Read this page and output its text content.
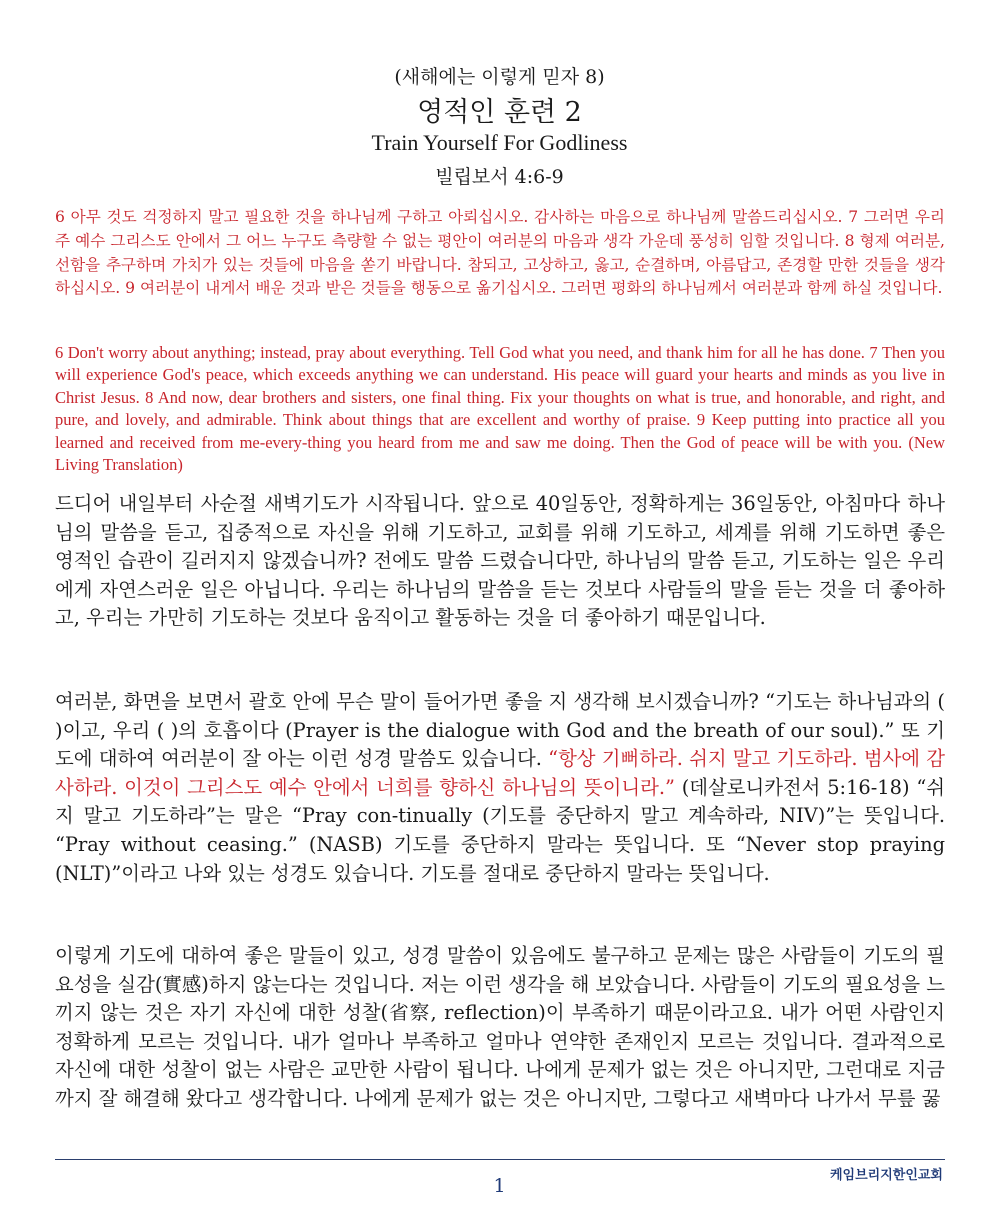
(새해에는 이렇게 믿자 8)
영적인 훈련 2
Train Yourself For Godliness
빌립보서 4:6-9
6 아무 것도 걱정하지 말고 필요한 것을 하나님께 구하고 아뢰십시오. 감사하는 마음으로 하나님께 말씀드리십시오. 7 그러면 우리 주 예수 그리스도 안에서 그 어느 누구도 측량할 수 없는 평안이 여러분의 마음과 생각 가운데 풍성히 임할 것입니다. 8 형제 여러분, 선함을 추구하며 가치가 있는 것들에 마음을 쏟기 바랍니다. 참되고, 고상하고, 옳고, 순결하며, 아름답고, 존경할 만한 것들을 생각하십시오. 9 여러분이 내게서 배운 것과 받은 것들을 행동으로 옮기십시오. 그러면 평화의 하나님께서 여러분과 함께 하실 것입니다.
6 Don't worry about anything; instead, pray about everything. Tell God what you need, and thank him for all he has done. 7 Then you will experience God's peace, which exceeds anything we can understand. His peace will guard your hearts and minds as you live in Christ Jesus. 8 And now, dear brothers and sisters, one final thing. Fix your thoughts on what is true, and honorable, and right, and pure, and lovely, and admirable. Think about things that are excellent and worthy of praise. 9 Keep putting into practice all you learned and received from me-every-thing you heard from me and saw me doing. Then the God of peace will be with you. (New Living Translation)
드디어 내일부터 사순절 새벽기도가 시작됩니다. 앞으로 40일동안, 정확하게는 36일동안, 아침마다 하나님의 말씀을 듣고, 집중적으로 자신을 위해 기도하고, 교회를 위해 기도하고, 세계를 위해 기도하면 좋은 영적인 습관이 길러지지 않겠습니까? 전에도 말씀 드렸습니다만, 하나님의 말씀 듣고, 기도하는 일은 우리에게 자연스러운 일은 아닙니다. 우리는 하나님의 말씀을 듣는 것보다 사람들의 말을 듣는 것을 더 좋아하고, 우리는 가만히 기도하는 것보다 움직이고 활동하는 것을 더 좋아하기 때문입니다.
여러분, 화면을 보면서 괄호 안에 무슨 말이 들어가면 좋을 지 생각해 보시겠습니까? “기도는 하나님과의 ( )이고, 우리 ( )의 호흡이다 (Prayer is the dialogue with God and the breath of our soul).” 또 기도에 대하여 여러분이 잘 아는 이런 성경 말씀도 있습니다. “항상 기뻐하라. 쉬지 말고 기도하라. 범사에 감사하라. 이것이 그리스도 예수 안에서 너희를 향하신 하나님의 뜻이니라.” (데살로니카전서 5:16-18) “쉬지 말고 기도하라”는 말은 “Pray con-tinually (기도를 중단하지 말고 계속하라, NIV)”는 뜻입니다. “Pray without ceasing.” (NASB) 기도를 중단하지 말라는 뜻입니다. 또 “Never stop praying (NLT)”이라고 나와 있는 성경도 있습니다. 기도를 절대로 중단하지 말라는 뜻입니다.
이렇게 기도에 대하여 좋은 말들이 있고, 성경 말씀이 있음에도 불구하고 문제는 많은 사람들이 기도의 필요성을 실감(實感)하지 않는다는 것입니다. 저는 이런 생각을 해 보았습니다. 사람들이 기도의 필요성을 느끼지 않는 것은 자기 자신에 대한 성찰(省察, reflection)이 부족하기 때문이라고요. 내가 어떤 사람인지 정확하게 모르는 것입니다. 내가 얼마나 부족하고 얼마나 연약한 존재인지 모르는 것입니다. 결과적으로 자신에 대한 성찰이 없는 사람은 교만한 사람이 됩니다. 나에게 문제가 없는 것은 아니지만, 그런대로 지금까지 잘 해결해 왔다고 생각합니다. 나에게 문제가 없는 것은 아니지만, 그렇다고 새벽마다 나가서 무릎 꿇
케임브리지한인교회
1
